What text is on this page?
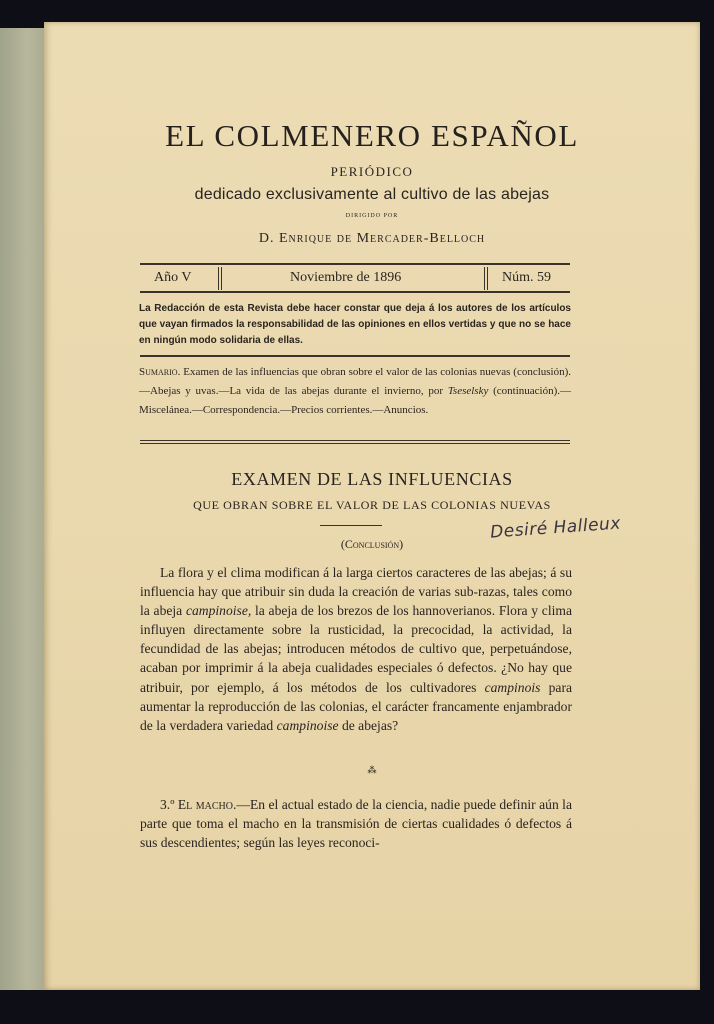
EL COLMENERO ESPAÑOL
PERIÓDICO
dedicado exclusivamente al cultivo de las abejas
DIRIGIDO POR
D. Enrique de Mercader-Belloch
Año V	Noviembre de 1896	Núm. 59
La Redacción de esta Revista debe hacer constar que deja á los autores de los artículos que vayan firmados la responsabilidad de las opiniones en ellos vertidas y que no se hace en ningún modo solidaria de ellas.
Sumario. Examen de las influencias que obran sobre el valor de las colonias nuevas (conclusión).—Abejas y uvas.—La vida de las abejas durante el invierno, por Tseselsky (continuación).—Miscelánea.—Correspondencia.—Precios corrientes.—Anuncios.
EXAMEN DE LAS INFLUENCIAS
QUE OBRAN SOBRE EL VALOR DE LAS COLONIAS NUEVAS
Desiré Halleux
(Conclusión)
La flora y el clima modifican á la larga ciertos caracteres de las abejas; á su influencia hay que atribuir sin duda la creación de varias sub-razas, tales como la abeja campinoise, la abeja de los brezos de los hannoverianos. Flora y clima influyen directamente sobre la rusticidad, la precocidad, la actividad, la fecundidad de las abejas; introducen métodos de cultivo que, perpetuándose, acaban por imprimir á la abeja cualidades especiales ó defectos. ¿No hay que atribuir, por ejemplo, á los métodos de los cultivadores campinois para aumentar la reproducción de las colonias, el carácter francamente enjambrador de la verdadera variedad campinoise de abejas?
⁂
3.º El macho.—En el actual estado de la ciencia, nadie puede definir aún la parte que toma el macho en la transmisión de ciertas cualidades ó defectos á sus descendientes; según las leyes reconoci-
